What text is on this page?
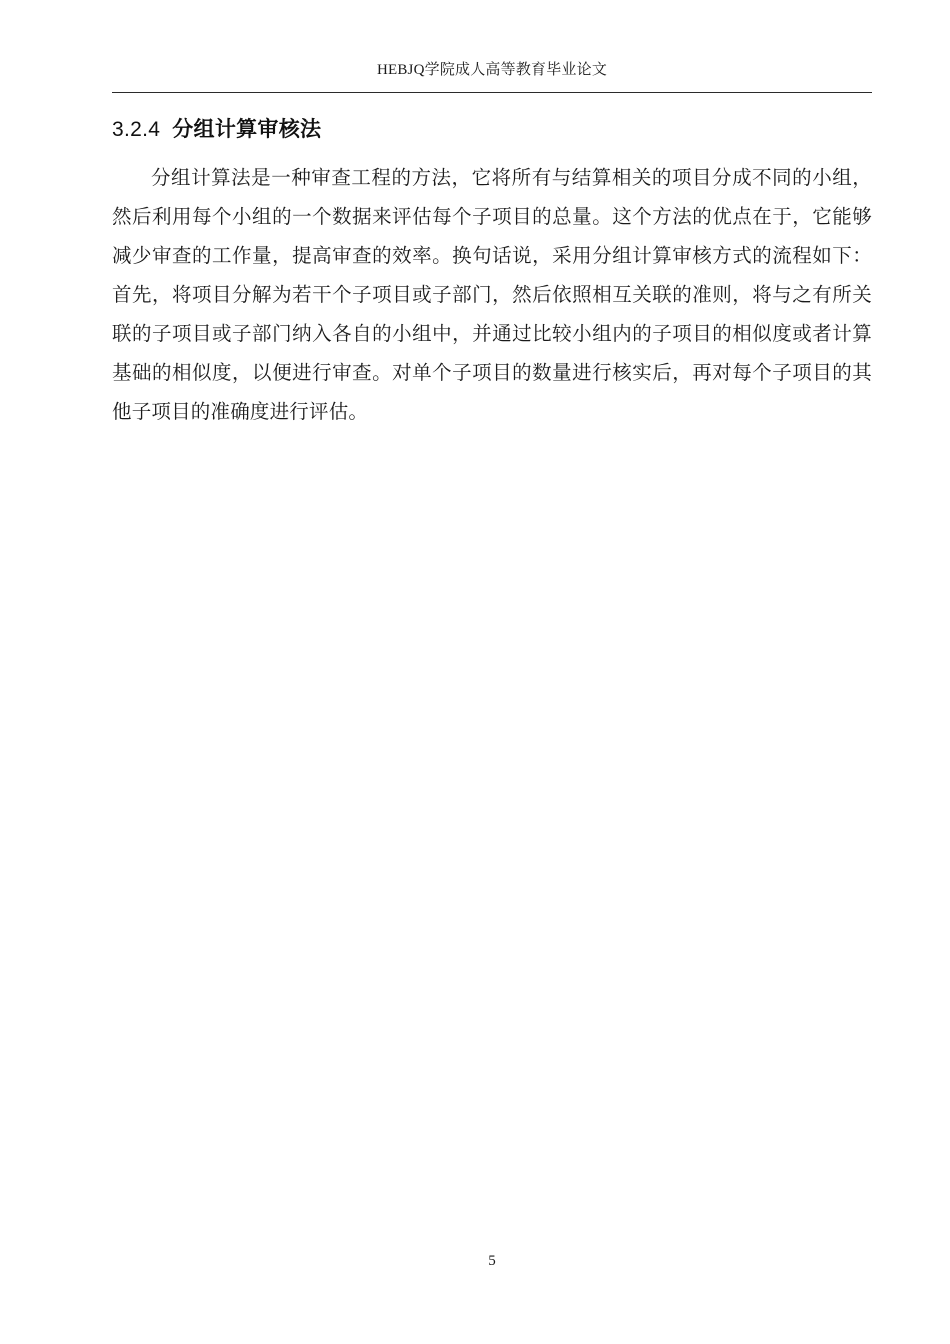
HEBJQ学院成人高等教育毕业论文
3.2.4 分组计算审核法

分组计算法是一种审查工程的方法，它将所有与结算相关的项目分成不同的小组，然后利用每个小组的一个数据来评估每个子项目的总量。这个方法的优点在于，它能够减少审查的工作量，提高审查的效率。换句话说，采用分组计算审核方式的流程如下：首先，将项目分解为若干个子项目或子部门，然后依照相互关联的准则，将与之有所关联的子项目或子部门纳入各自的小组中，并通过比较小组内的子项目的相似度或者计算基础的相似度，以便进行审查。对单个子项目的数量进行核实后，再对每个子项目的其他子项目的准确度进行评估。

5
